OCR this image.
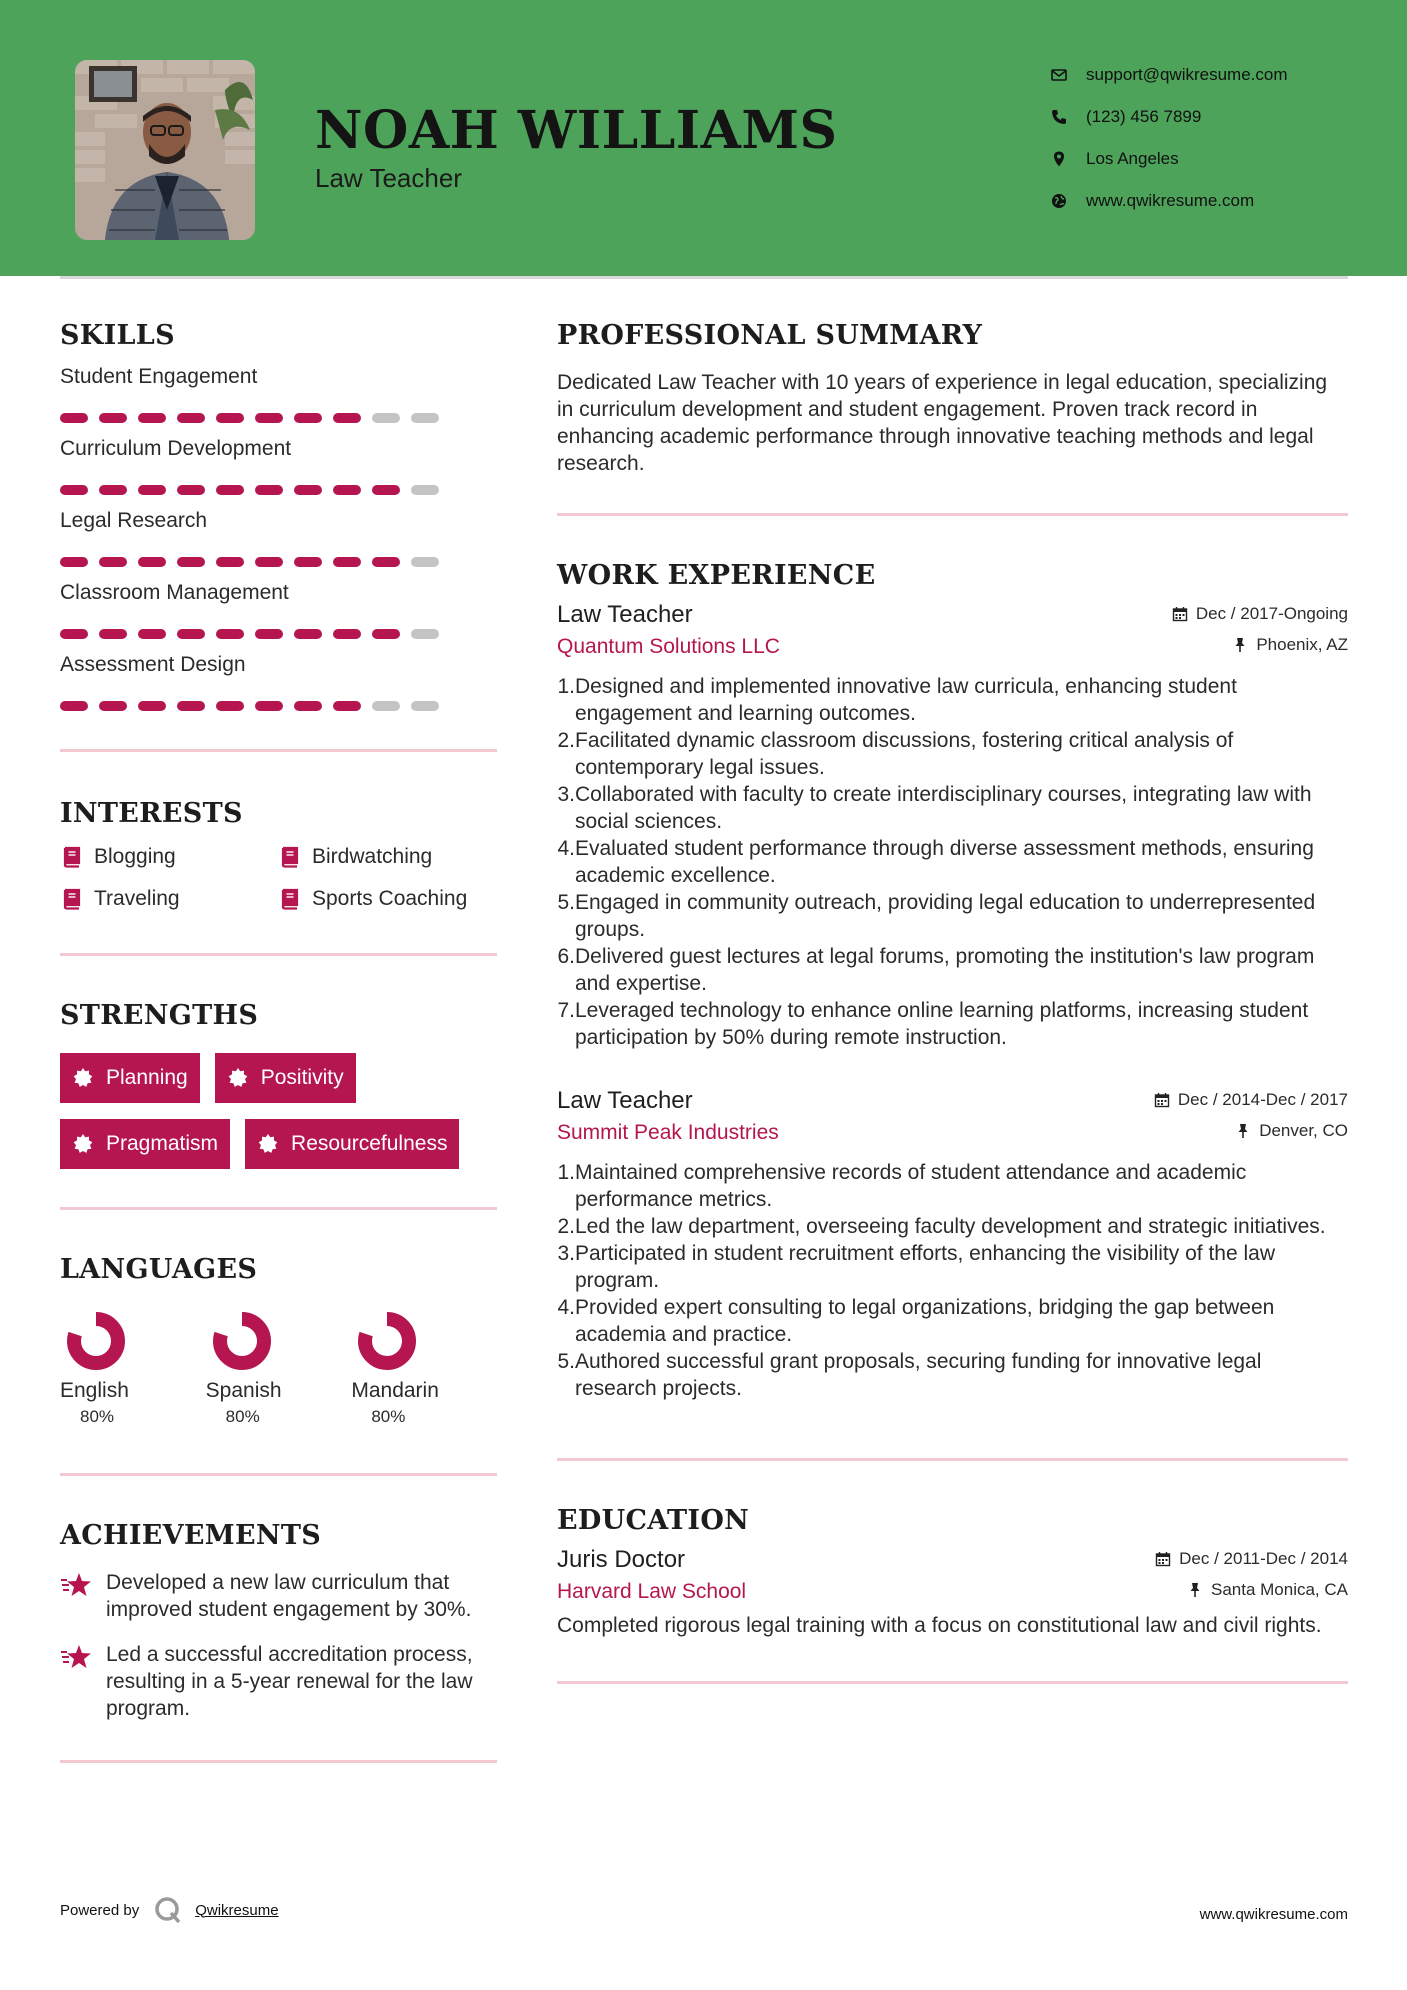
NOAH WILLIAMS
Law Teacher
support@qwikresume.com
(123) 456 7899
Los Angeles
www.qwikresume.com
SKILLS
Student Engagement
Curriculum Development
Legal Research
Classroom Management
Assessment Design
INTERESTS
Blogging	Birdwatching
Traveling	Sports Coaching
STRENGTHS
Planning	Positivity
Pragmatism	Resourcefulness
LANGUAGES
English
80%
Spanish
80%
Mandarin
80%
ACHIEVEMENTS

Developed a new law curriculum that improved student engagement by 30%.

Led a successful accreditation process, resulting in a 5-year renewal for the law program.

PROFESSIONAL SUMMARY

Dedicated Law Teacher with 10 years of experience in legal education, specializing in curriculum development and student engagement. Proven track record in enhancing academic performance through innovative teaching methods and legal research.

WORK EXPERIENCE
Law Teacher	Dec / 2017-Ongoing
Quantum Solutions LLC	Phoenix, AZ
1. Designed and implemented innovative law curricula, enhancing student engagement and learning outcomes.
2. Facilitated dynamic classroom discussions, fostering critical analysis of contemporary legal issues.
3. Collaborated with faculty to create interdisciplinary courses, integrating law with social sciences.
4. Evaluated student performance through diverse assessment methods, ensuring academic excellence.
5. Engaged in community outreach, providing legal education to underrepresented groups.
6. Delivered guest lectures at legal forums, promoting the institution's law program and expertise.
7. Leveraged technology to enhance online learning platforms, increasing student participation by 50% during remote instruction.
Law Teacher	Dec / 2014-Dec / 2017
Summit Peak Industries	Denver, CO
1. Maintained comprehensive records of student attendance and academic performance metrics.
2. Led the law department, overseeing faculty development and strategic initiatives.
3. Participated in student recruitment efforts, enhancing the visibility of the law program.
4. Provided expert consulting to legal organizations, bridging the gap between academia and practice.
5. Authored successful grant proposals, securing funding for innovative legal research projects.
EDUCATION
Juris Doctor	Dec / 2011-Dec / 2014
Harvard Law School	Santa Monica, CA

Completed rigorous legal training with a focus on constitutional law and civil rights.

Powered by	Qwikresume	www.qwikresume.com
